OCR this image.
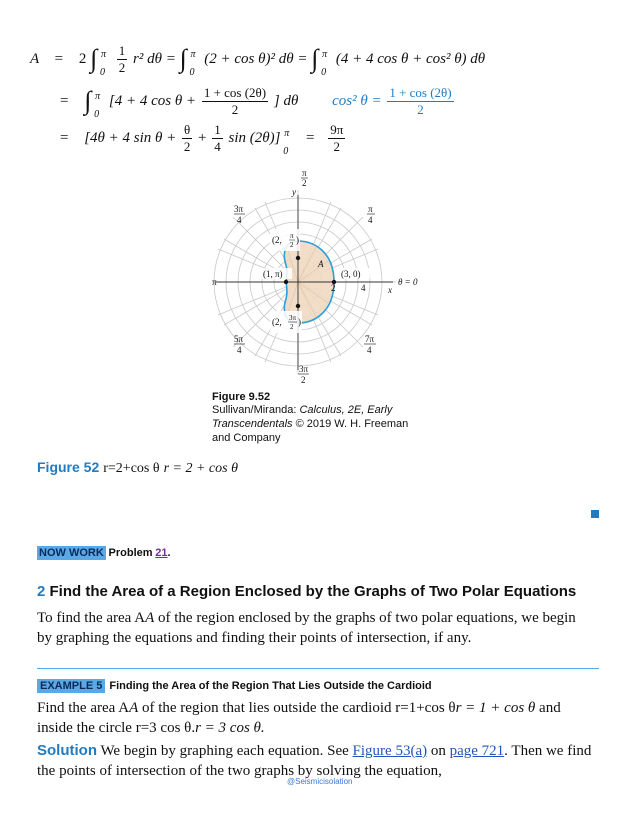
A = 2 ∫ $^\pi_0 \frac{1}{2} r^2$ dθ = ∫ $^\pi_0$ (2 + cos θ)² dθ = ∫ $^\pi_0$ (4 + 4 cos θ + cos² θ) dθ
= ∫ $^\pi_0$ [4 + 4 $\cos \theta + \frac{1 + \cos (2\theta)}{2}$ ] dθ cos² $\theta = \frac{1 + \cos (2\theta)}{2}$
= [4θ + 4 $\sin \theta + \frac{\theta}{2} + \frac{1}{4}$ sin (2θ)] $^\pi_0 = \frac{9\pi}{2}$
π
2
y
3π
4
π
4
π	θ = 0
x
5π
4
7π
4
3π
2
(2, π
2 )
(1, π)	(3, 0)
A
2	4
(2, 3π
2 )
Figure 9.52
Sullivan/Miranda: Calculus, 2E, Early
Transcendentals © 2019 W. H. Freeman
and Company
Figure 52 r=2+cos θ r = 2 + cos θ
NOW WORK Problem 21.
2 Find the Area of a Region Enclosed by the Graphs of Two Polar Equations
To find the area AA of the region enclosed by the graphs of two polar equations, we begin
by graphing the equations and finding their points of intersection, if any.
EXAMPLE 5 Finding the Area of the Region That Lies Outside the Cardioid
Find the area AA of the region that lies outside the cardioid r=1+cos θr = 1 + cos θ and
inside the circle r=3 cos θ.r = 3 cos θ.
Solution We begin by graphing each equation. See Figure 53(a) on page 721. Then we find
the points of intersection of the two graphs by solving the equation,
@Seismicisolation
